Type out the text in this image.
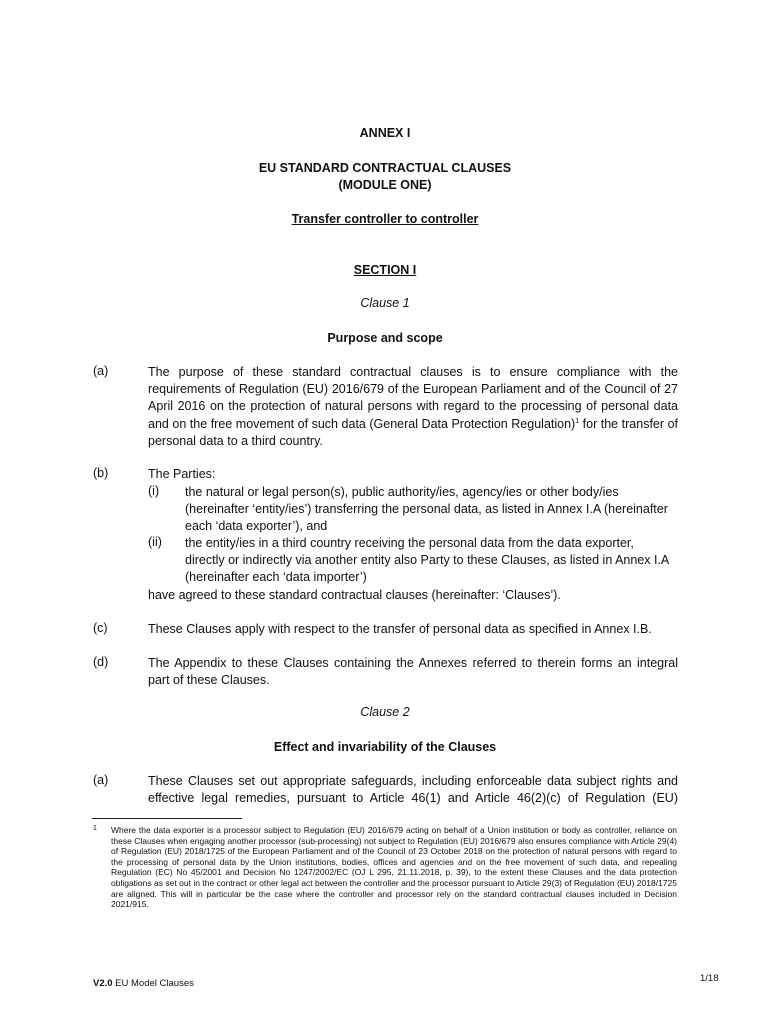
ANNEX I
EU STANDARD CONTRACTUAL CLAUSES
(MODULE ONE)
Transfer controller to controller
SECTION I
Clause 1
Purpose and scope
(a)	The purpose of these standard contractual clauses is to ensure compliance with the requirements of Regulation (EU) 2016/679 of the European Parliament and of the Council of 27 April 2016 on the protection of natural persons with regard to the processing of personal data and on the free movement of such data (General Data Protection Regulation)$^1$ for the transfer of personal data to a third country.
(b)	The Parties:
(i) the natural or legal person(s), public authority/ies, agency/ies or other body/ies (hereinafter ‘entity/ies’) transferring the personal data, as listed in Annex I.A (hereinafter each ‘data exporter’), and
(ii) the entity/ies in a third country receiving the personal data from the data exporter, directly or indirectly via another entity also Party to these Clauses, as listed in Annex I.A (hereinafter each ‘data importer’)
have agreed to these standard contractual clauses (hereinafter: ‘Clauses’).
(c)	These Clauses apply with respect to the transfer of personal data as specified in Annex I.B.
(d)	The Appendix to these Clauses containing the Annexes referred to therein forms an integral part of these Clauses.
Clause 2
Effect and invariability of the Clauses
(a)	These Clauses set out appropriate safeguards, including enforceable data subject rights and effective legal remedies, pursuant to Article 46(1) and Article 46(2)(c) of Regulation (EU)
1 Where the data exporter is a processor subject to Regulation (EU) 2016/679 acting on behalf of a Union institution or body as controller, reliance on these Clauses when engaging another processor (sub-processing) not subject to Regulation (EU) 2016/679 also ensures compliance with Article 29(4) of Regulation (EU) 2018/1725 of the European Parliament and of the Council of 23 October 2018 on the protection of natural persons with regard to the processing of personal data by the Union institutions, bodies, offices and agencies and on the free movement of such data, and repealing Regulation (EC) No 45/2001 and Decision No 1247/2002/EC (OJ L 295, 21.11.2018, p. 39), to the extent these Clauses and the data protection obligations as set out in the contract or other legal act between the controller and the processor pursuant to Article 29(3) of Regulation (EU) 2018/1725 are aligned. This will in particular be the case where the controller and processor rely on the standard contractual clauses included in Decision 2021/915.
V2.0 EU Model Clauses	1/18
